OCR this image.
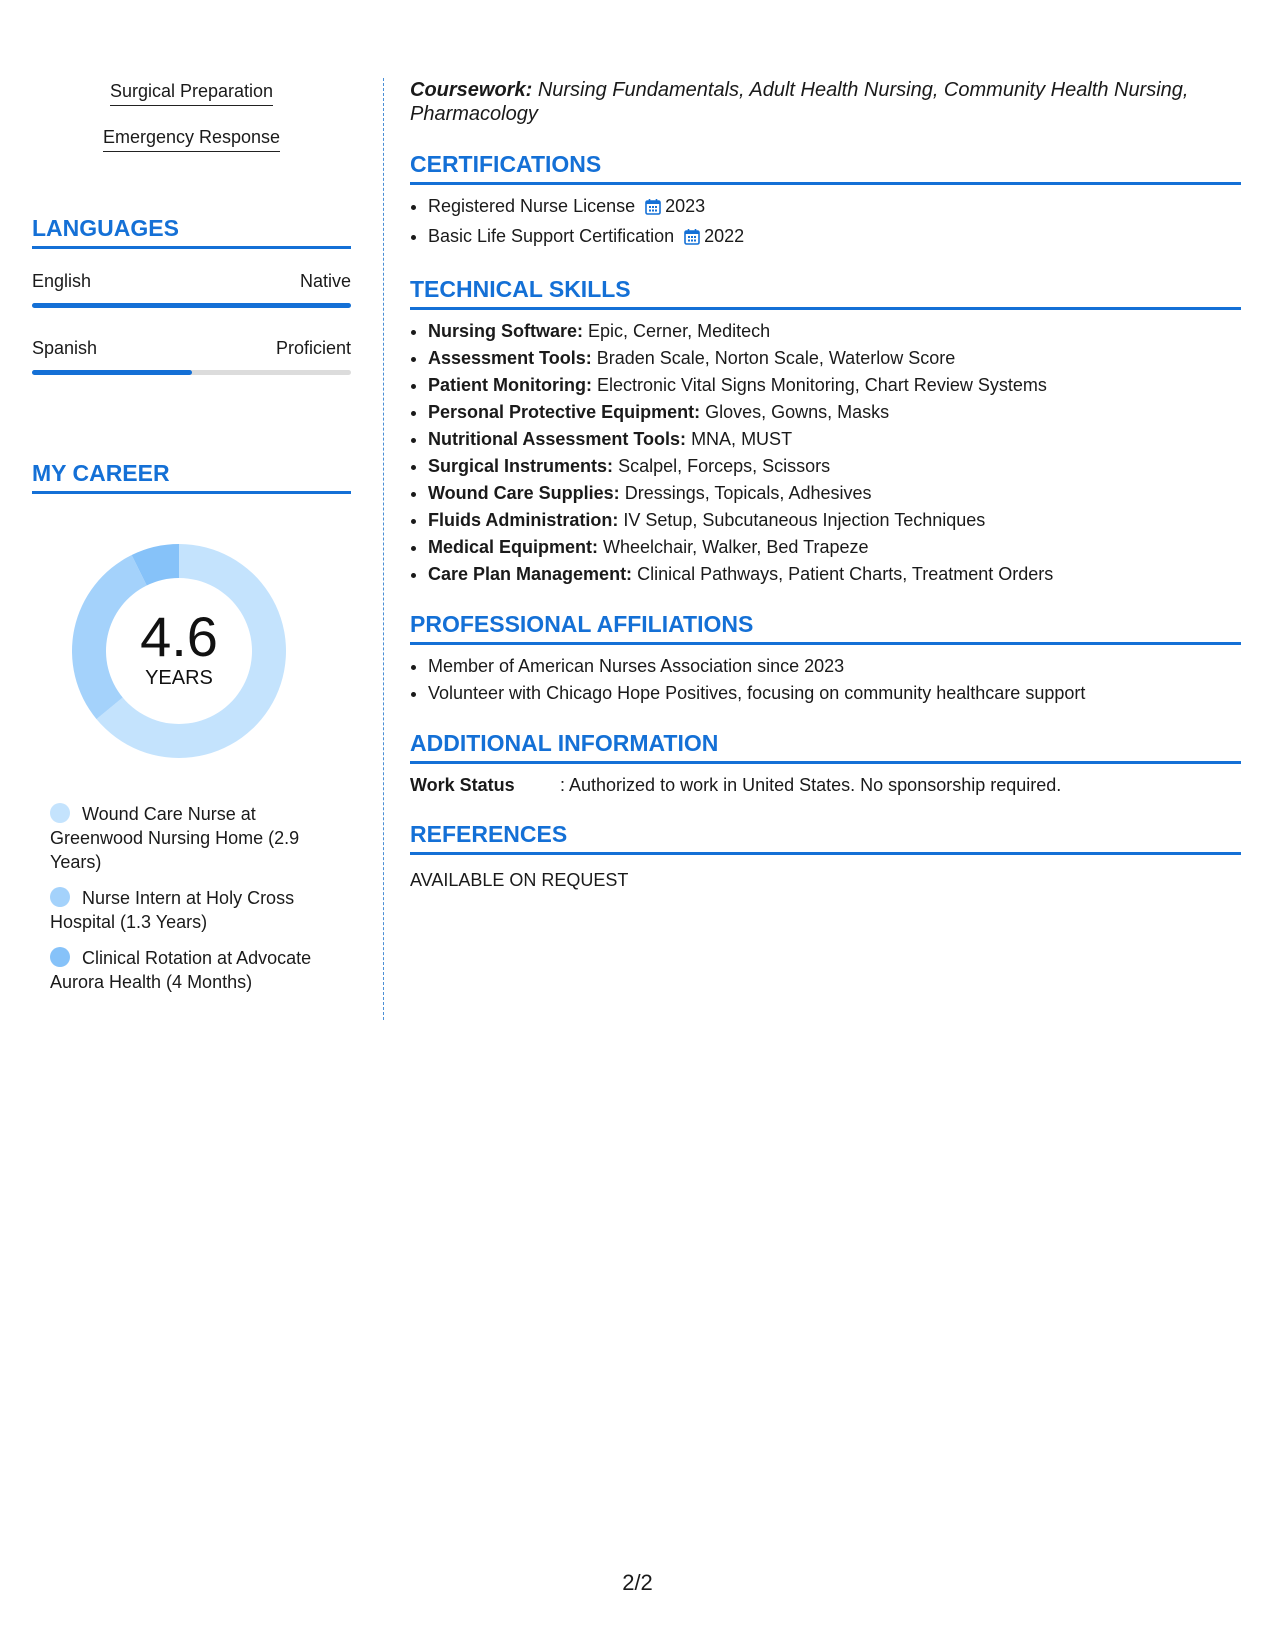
Surgical Preparation
Emergency Response
LANGUAGES
English	Native
Spanish	Proficient
MY CAREER
4.6
YEARS
Wound Care Nurse at Greenwood Nursing Home (2.9 Years)
Nurse Intern at Holy Cross Hospital (1.3 Years)
Clinical Rotation at Advocate Aurora Health (4 Months)

Coursework: Nursing Fundamentals, Adult Health Nursing, Community Health Nursing, Pharmacology

CERTIFICATIONS
• Registered Nurse License 2023
• Basic Life Support Certification 2022
TECHNICAL SKILLS
• Nursing Software: Epic, Cerner, Meditech
• Assessment Tools: Braden Scale, Norton Scale, Waterlow Score
• Patient Monitoring: Electronic Vital Signs Monitoring, Chart Review Systems
• Personal Protective Equipment: Gloves, Gowns, Masks
• Nutritional Assessment Tools: MNA, MUST
• Surgical Instruments: Scalpel, Forceps, Scissors
• Wound Care Supplies: Dressings, Topicals, Adhesives
• Fluids Administration: IV Setup, Subcutaneous Injection Techniques
• Medical Equipment: Wheelchair, Walker, Bed Trapeze
• Care Plan Management: Clinical Pathways, Patient Charts, Treatment Orders
PROFESSIONAL AFFILIATIONS
• Member of American Nurses Association since 2023
• Volunteer with Chicago Hope Positives, focusing on community healthcare support
ADDITIONAL INFORMATION
Work Status	: Authorized to work in United States. No sponsorship required.
REFERENCES
AVAILABLE ON REQUEST
2/2
